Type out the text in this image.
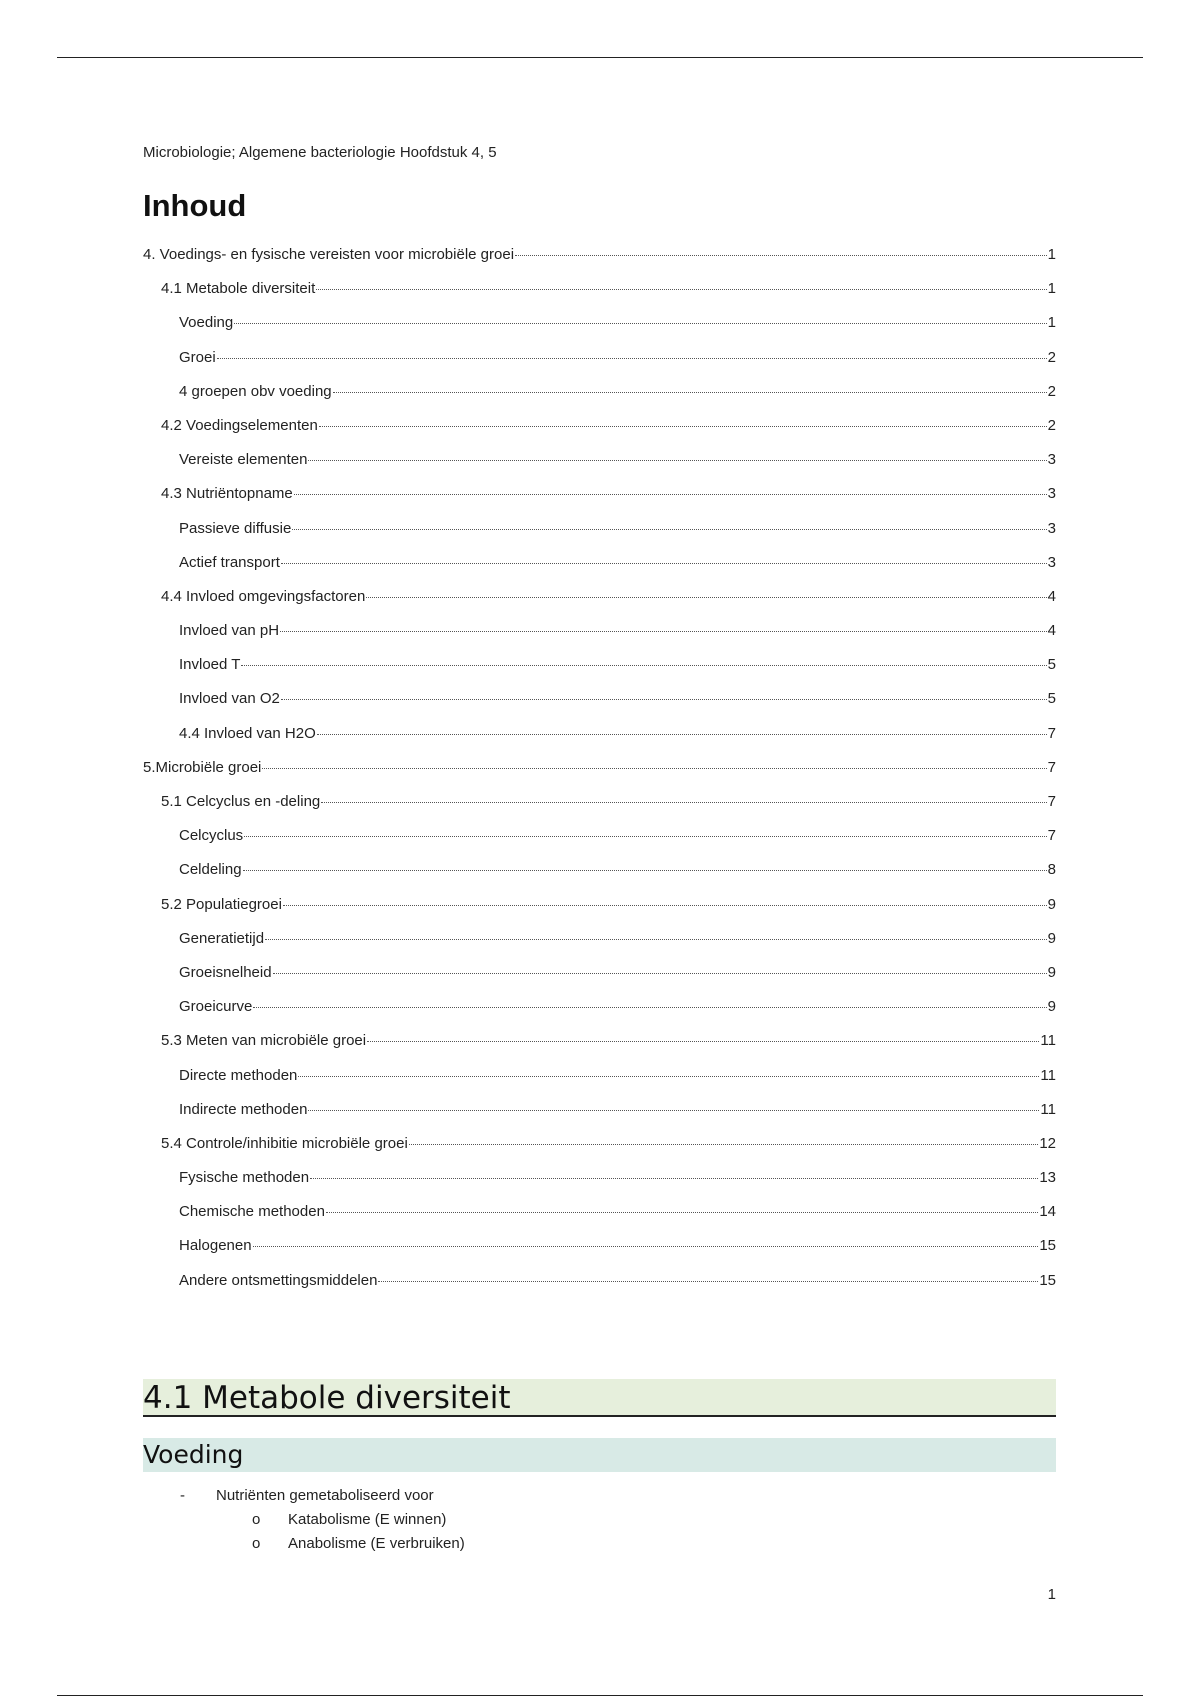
Microbiologie; Algemene bacteriologie Hoofdstuk 4, 5
Inhoud
4. Voedings- en fysische vereisten voor microbiële groei	1
4.1 Metabole diversiteit	1
Voeding	1
Groei	2
4 groepen obv voeding	2
4.2 Voedingselementen	2
Vereiste elementen	3
4.3 Nutriëntopname	3
Passieve diffusie	3
Actief transport	3
4.4 Invloed omgevingsfactoren	4
Invloed van pH	4
Invloed T	5
Invloed van O2	5
4.4 Invloed van H2O	7
5.Microbiële groei	7
5.1 Celcyclus en -deling	7
Celcyclus	7
Celdeling	8
5.2 Populatiegroei	9
Generatietijd	9
Groeisnelheid	9
Groeicurve	9
5.3 Meten van microbiële groei	11
Directe methoden	11
Indirecte methoden	11
5.4 Controle/inhibitie microbiële groei	12
Fysische methoden	13
Chemische methoden	14
Halogenen	15
Andere ontsmettingsmiddelen	15
4.1 Metabole diversiteit
Voeding
- Nutriënten gemetaboliseerd voor
o Katabolisme (E winnen)
o Anabolisme (E verbruiken)
1
